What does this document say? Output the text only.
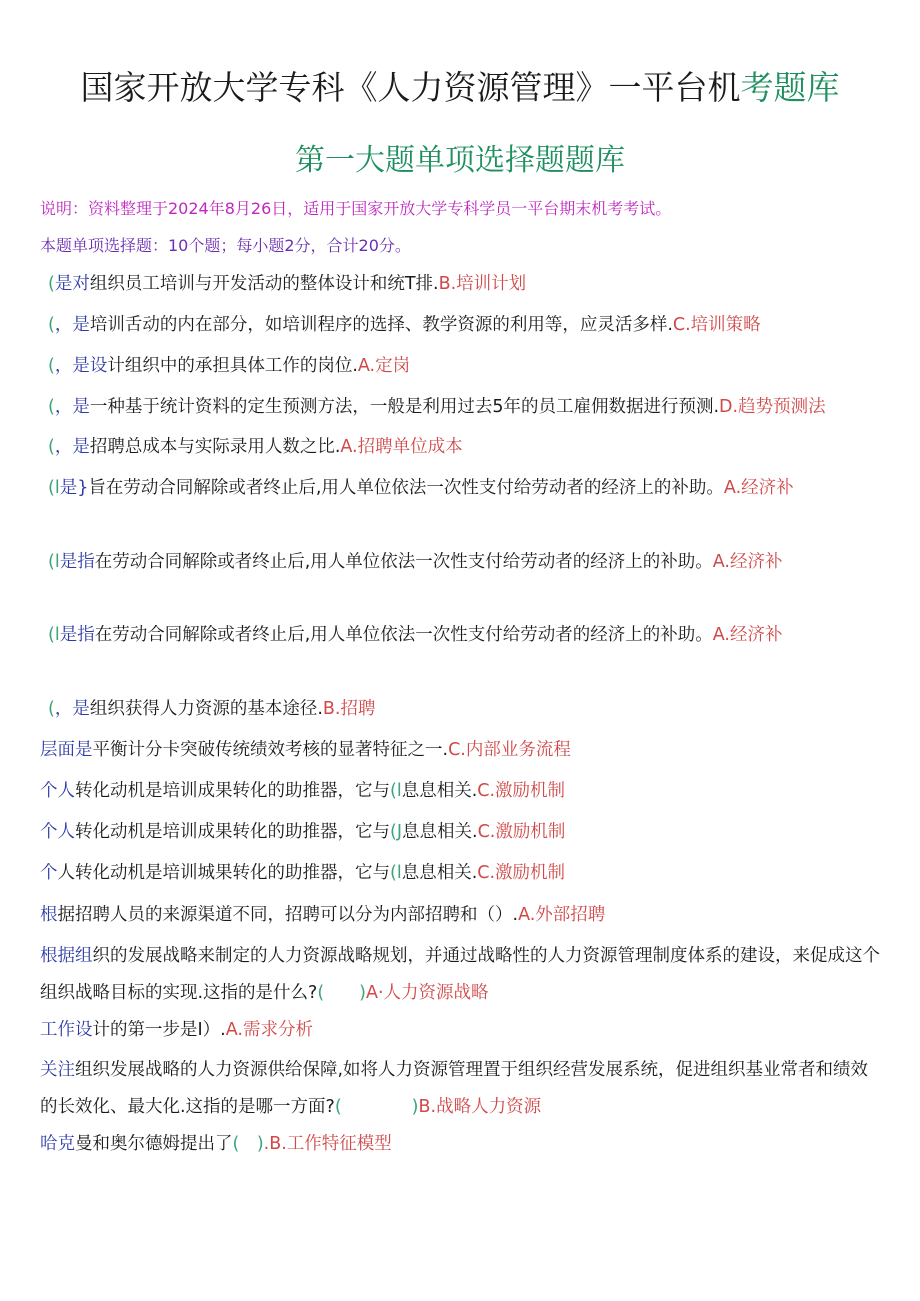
国家开放大学专科《人力资源管理》一平台机考题库
第一大题单项选择题题库
说明：资料整理于2024年8月26日，适用于国家开放大学专科学员一平台期末机考考试。
本题单项选择题：10个题；每小题2分，合计20分。
(是对组织员工培训与开发活动的整体设计和统T排.B.培训计划
(，是培训舌动的内在部分，如培训程序的选择、教学资源的利用等，应灵活多样.C.培训策略
(，是设计组织中的承担具体工作的岗位.A.定岗
(，是一种基于统计资料的定生预测方法，一般是利用过去5年的员工雇佣数据进行预测.D.趋势预测法
(，是招聘总成本与实际录用人数之比.A.招聘单位成本
(l是}旨在劳动合同解除或者终止后,用人单位依法一次性支付给劳动者的经济上的补助。A.经济补
(l是指在劳动合同解除或者终止后,用人单位依法一次性支付给劳动者的经济上的补助。A.经济补
(l是指在劳动合同解除或者终止后,用人单位依法一次性支付给劳动者的经济上的补助。A.经济补
(，是组织获得人力资源的基本途径.B.招聘
层面是平衡计分卡突破传统绩效考核的显著特征之一.C.内部业务流程
个人转化动机是培训成果转化的助推器，它与(l息息相关.C.激励机制
个人转化动机是培训成果转化的助推器，它与(J息息相关.C.激励机制
个人转化动机是培训城果转化的助推器，它与(l息息相关.C.激励机制
根据招聘人员的来源渠道不同，招聘可以分为内部招聘和（）.A.外部招聘
根据组织的发展战略来制定的人力资源战略规划，并通过战略性的人力资源管理制度体系的建设，来促成这个组织战略目标的实现.这指的是什么?(　　)A·人力资源战略
工作设计的第一步是I）.A.需求分析
关注组织发展战略的人力资源供给保障,如将人力资源管理置于组织经营发展系统，促进组织基业常者和绩效的长效化、最大化.这指的是哪一方面?(　　　　)B.战略人力资源
哈克曼和奥尔德姆提出了(　).B.工作特征模型
